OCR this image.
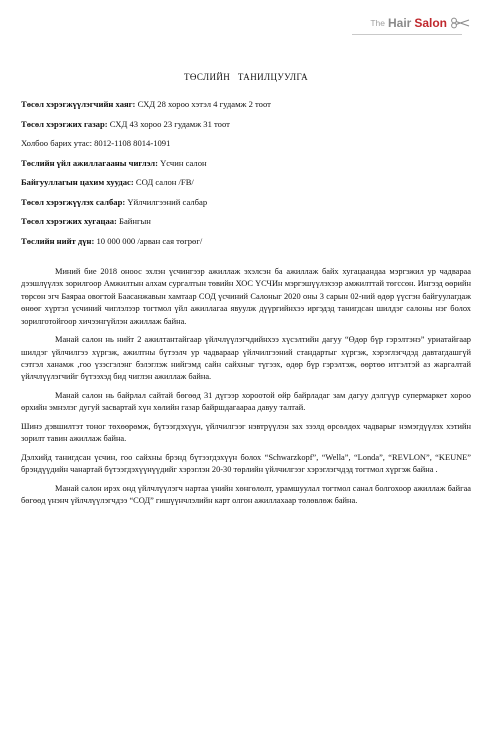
The Hair Salon
ТӨСЛИЙН ТАНИЛЦУУЛГА
Төсөл хэрэгжүүлэгчийн хаяг: СХД 28 хороо хэтэл 4 гудамж 2 тоот
Төсөл хэрэгжих газар: СХД 43 хороо 23 гудамж 31 тоот
Холбоо барих утас: 8012-1108 8014-1091
Төслийн үйл ажиллагааны чиглэл: Үсчин салон
Байгууллагын цахим хуудас: СОД салон /FB/
Төсөл хэрэгжүүлэх салбар: Үйлчилгээний салбар
Төсөл хэрэгжих хугацаа: Байнгын
Төслийн нийт дүн: 10 000 000 /арван сая төгрөг/

Миний бие 2018 оноос эхлэн үсчингээр ажиллаж эхэлсэн ба ажиллаж байх хугацаандаа мэргэжил ур чадвараа дээшлүүлэх зорилгоор Амжилтын алхам сургалтын төвийн ХОС ҮСЧИн мэргэшүүлэхээр амжилттай төгссөн. Ингээд өөрийн төрсөн эгч Баяраа овогтой Баасанжавын хамтаар СОД үсчиний Салоныг 2020 оны 3 сарын 02-ний өдөр үүсгэн байгуулагдаж өнөөг хүртэл үсчиний чиглэлээр тогтмол үйл ажиллагаа явуулж дүүргийнхээ иргэдэд танигдсан шилдэг салоны нэг болох зорилготойгоор хичээнгүйлэн ажиллаж байна.

Манай салон нь нийт 2 ажилтантайгаар үйлчлүүлэгчдийнхээ хүсэлтийн дагуу “Өдөр бүр гэрэлтэнэ” уриатайгаар шилдэг үйлчилгээ хүргэж, ажилтны бүтээлч ур чадвараар үйлчилгээний стандартыг хүргэж, хэрэглэгчдэд давтагдашгүй сэтгэл ханамж ,гоо үзэсгэлэнг бэлэглэж нийгэмд сайн сайхныг түгээх, өдөр бүр гэрэлтэж, өөртөө итгэлтэй аз жаргалтай үйлчлүүлэгчийг бүтээхэд бид чиглэн ажиллаж байна.

Манай салон нь байрлал сайтай бөгөөд 31 дүгээр хороотой өйр байрладаг зам дагуу дэлгүүр супермаркет хороо өрхийн эмнэлэг дугуй засвартай хүн хөлийн газар байршдагаараа давуу талтай.

Шинэ дэвшилтэт тоног төхөөрөмж, бүтээгдэхүүн, үйлчилгээг нэвтрүүлэн зах зээлд өрсөлдөх чадварыг нэмэгдүүлэх хэтийн зорилт тавин ажиллаж байна.

Дэлхийд танигдсан үсчин, гоо сайхны брэнд бүтээгдэхүүн болох “Schwarzkopf”, “Wella”, “Londa”, “REVLON”, “KEUNE” брэндүүдийн чанартай бүтээгдэхүүнүүдийг хэрэглэн 20-30 төрлийн үйлчилгээг хэрэглэгчдэд тогтмол хүргэж байна .

Манай салон ирэх онд үйлчлүүлэгч нартаа үнийн хөнгөлөлт, урамшуулал тогтмол санал болгохоор ажиллаж байгаа бөгөөд үнэнч үйлчлүүлэгчдээ “СОД” гишүүнчлэлийн карт олгон ажиллахаар төлөвлөж байна.
